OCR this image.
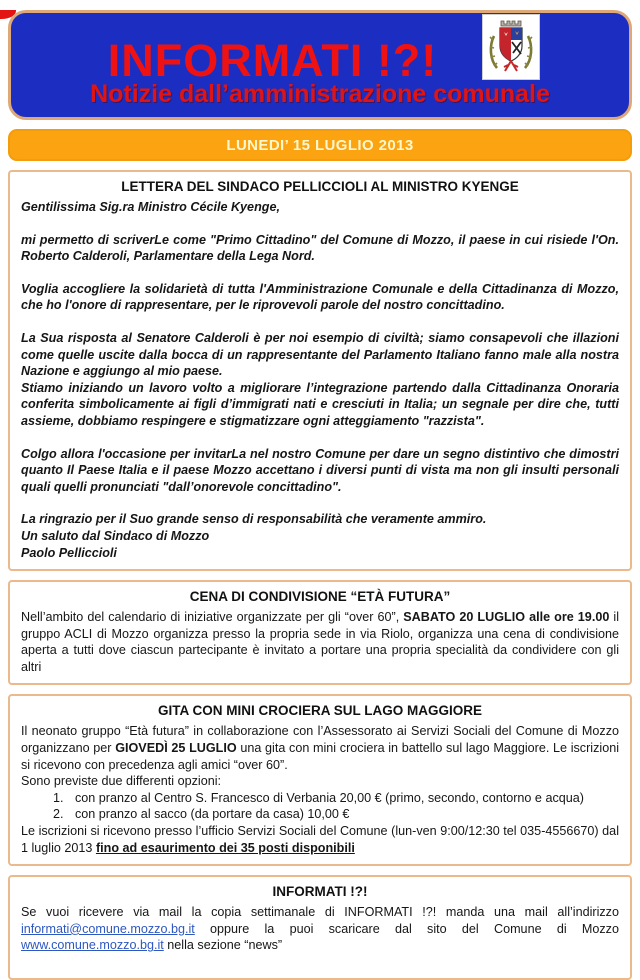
INFORMATI !?!
Notizie dall’amministrazione comunale
LUNEDI’ 15 LUGLIO 2013
LETTERA DEL SINDACO PELLICCIOLI AL MINISTRO KYENGE

Gentilissima Sig.ra Ministro Cécile Kyenge,

mi permetto di scriverLe come "Primo Cittadino" del Comune di Mozzo, il paese in cui risiede l'On. Roberto Calderoli, Parlamentare della Lega Nord.

Voglia accogliere la solidarietà di tutta l'Amministrazione Comunale e della Cittadinanza di Mozzo, che ho l'onore di rappresentare, per le riprovevoli parole del nostro concittadino.

La Sua risposta al Senatore Calderoli è per noi esempio di civiltà; siamo consapevoli che illazioni come quelle uscite dalla bocca di un rappresentante del Parlamento Italiano fanno male alla nostra Nazione e aggiungo al mio paese.

Stiamo iniziando un lavoro volto a migliorare l’integrazione partendo dalla Cittadinanza Onoraria conferita simbolicamente ai figli d’immigrati nati e cresciuti in Italia; un segnale per dire che, tutti assieme, dobbiamo respingere e stigmatizzare ogni atteggiamento "razzista".

Colgo allora l'occasione per invitarLa nel nostro Comune per dare un segno distintivo che dimostri quanto Il Paese Italia e il paese Mozzo accettano i diversi punti di vista ma non gli insulti personali quali quelli pronunciati "dall’onorevole concittadino".

La ringrazio per il Suo grande senso di responsabilità che veramente ammiro.

Un saluto dal Sindaco di Mozzo

Paolo Pelliccioli

CENA DI CONDIVISIONE “ETÀ FUTURA”

Nell’ambito del calendario di iniziative organizzate per gli “over 60”, SABATO 20 LUGLIO alle ore 19.00 il gruppo ACLI di Mozzo organizza presso la propria sede in via Riolo, organizza una cena di condivisione aperta a tutti dove ciascun partecipante è invitato a portare una propria specialità da condividere con gli altri

GITA CON MINI CROCIERA SUL LAGO MAGGIORE

Il neonato gruppo “Età futura” in collaborazione con l’Assessorato ai Servizi Sociali del Comune di Mozzo organizzano per GIOVEDÌ 25 LUGLIO una gita con mini crociera in battello sul lago Maggiore. Le iscrizioni si ricevono con precedenza agli amici “over 60”.

Sono previste due differenti opzioni:

1. con pranzo al Centro S. Francesco di Verbania 20,00 € (primo, secondo, contorno e acqua)
2. con pranzo al sacco (da portare da casa) 10,00 €

Le iscrizioni si ricevono presso l’ufficio Servizi Sociali del Comune (lun-ven 9:00/12:30 tel 035-4556670) dal 1 luglio 2013 fino ad esaurimento dei 35 posti disponibili

INFORMATI !?!

Se vuoi ricevere via mail la copia settimanale di INFORMATI !?! manda una mail all’indirizzo informati@comune.mozzo.bg.it oppure la puoi scaricare dal sito del Comune di Mozzo www.comune.mozzo.bg.it nella sezione “news”
